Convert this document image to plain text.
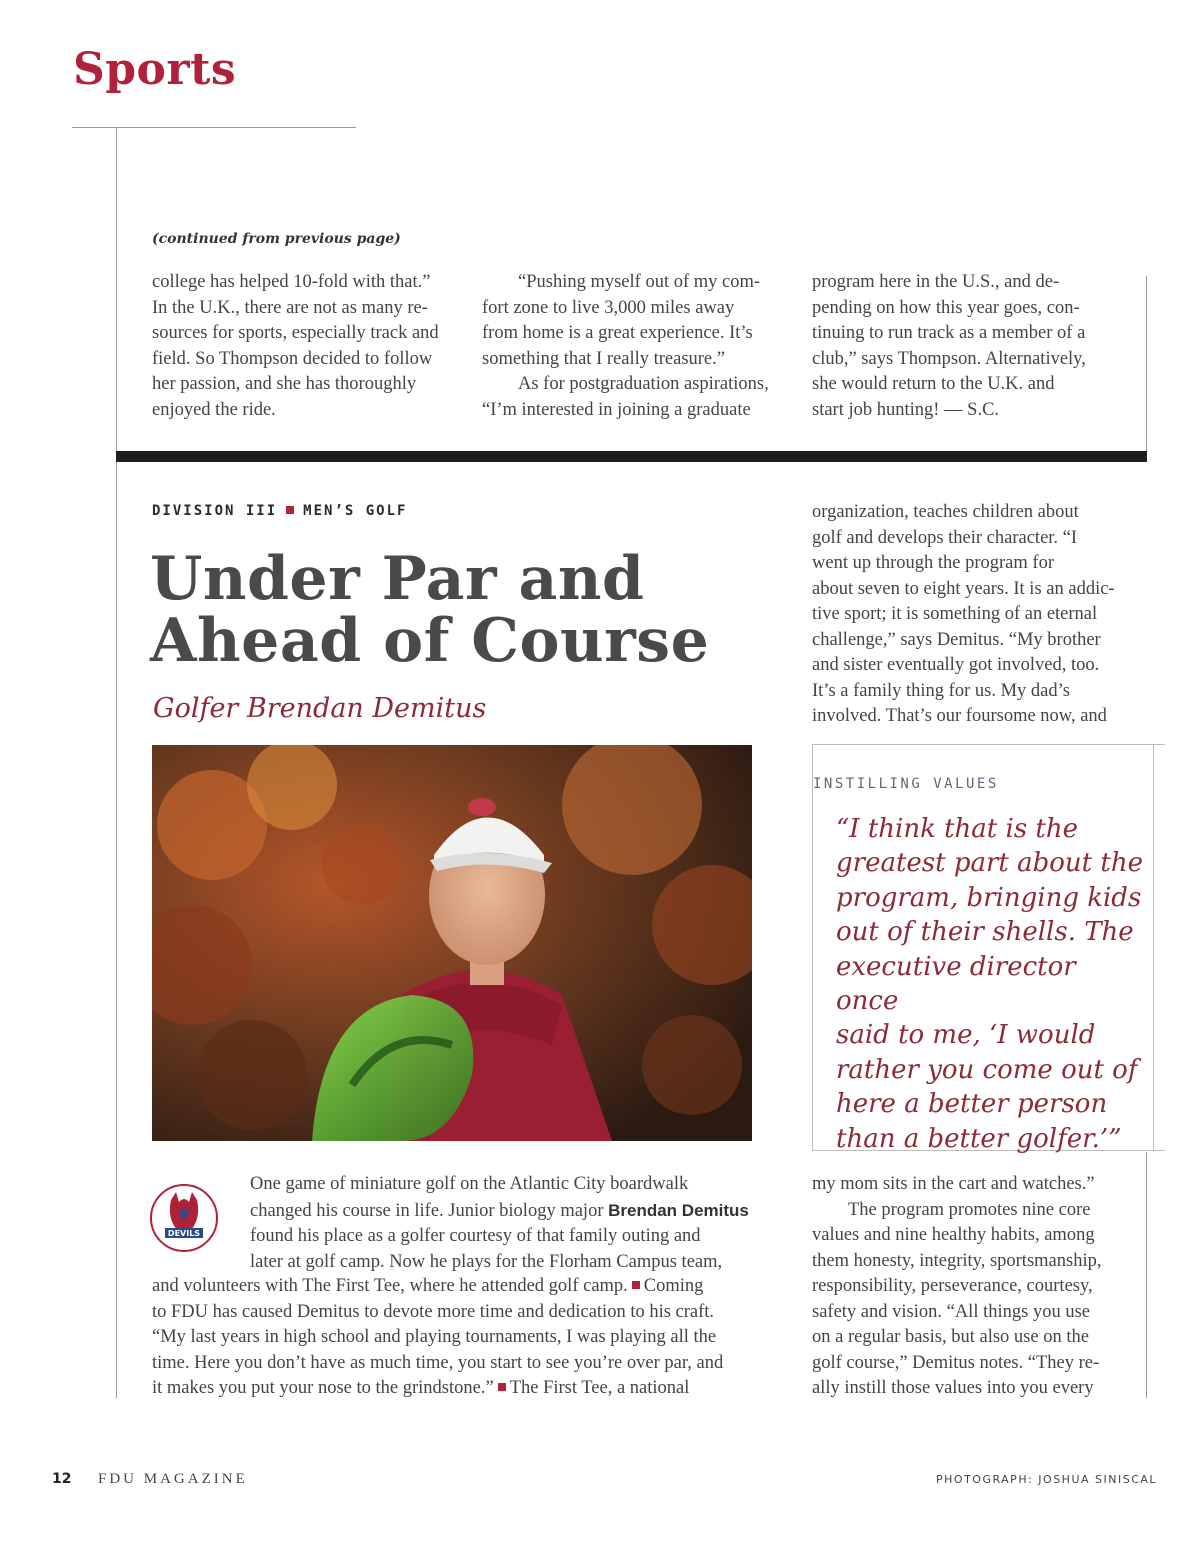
Sports
(continued from previous page)

college has helped 10-fold with that.”

In the U.K., there are not as many re-

sources for sports, especially track and

field. So Thompson decided to follow

her passion, and she has thoroughly

enjoyed the ride.

“Pushing myself out of my com-

fort zone to live 3,000 miles away

from home is a great experience. It’s

something that I really treasure.”

As for postgraduation aspirations,

“I’m interested in joining a graduate

program here in the U.S., and de-

pending on how this year goes, con-

tinuing to run track as a member of a

club,” says Thompson. Alternatively,

she would return to the U.K. and

start job hunting! — S.C.

DIVISION III MEN’S GOLF
Under Par and
Ahead of Course
Golfer Brendan Demitus
DEVILS

One game of miniature golf on the Atlantic City boardwalk

changed his course in life. Junior biology major Brendan Demitus

found his place as a golfer courtesy of that family outing and

later at golf camp. Now he plays for the Florham Campus team,

and volunteers with The First Tee, where he attended golf camp. Coming

to FDU has caused Demitus to devote more time and dedication to his craft.

“My last years in high school and playing tournaments, I was playing all the

time. Here you don’t have as much time, you start to see you’re over par, and

it makes you put your nose to the grindstone.” The First Tee, a national

organization, teaches children about

golf and develops their character. “I

went up through the program for

about seven to eight years. It is an addic-

tive sport; it is something of an eternal

challenge,” says Demitus. “My brother

and sister eventually got involved, too.

It’s a family thing for us. My dad’s

involved. That’s our foursome now, and

INSTILLING VALUES

“I think that is the

greatest part about the

program, bringing kids

out of their shells. The

executive director once

said to me, ‘I would

rather you come out of

here a better person

than a better golfer.’”

my mom sits in the cart and watches.”

The program promotes nine core

values and nine healthy habits, among

them honesty, integrity, sportsmanship,

responsibility, perseverance, courtesy,

safety and vision. “All things you use

on a regular basis, but also use on the

golf course,” Demitus notes. “They re-

ally instill those values into you every

12 FDU MAGAZINE	PHOTOGRAPH: JOSHUA SINISCAL
